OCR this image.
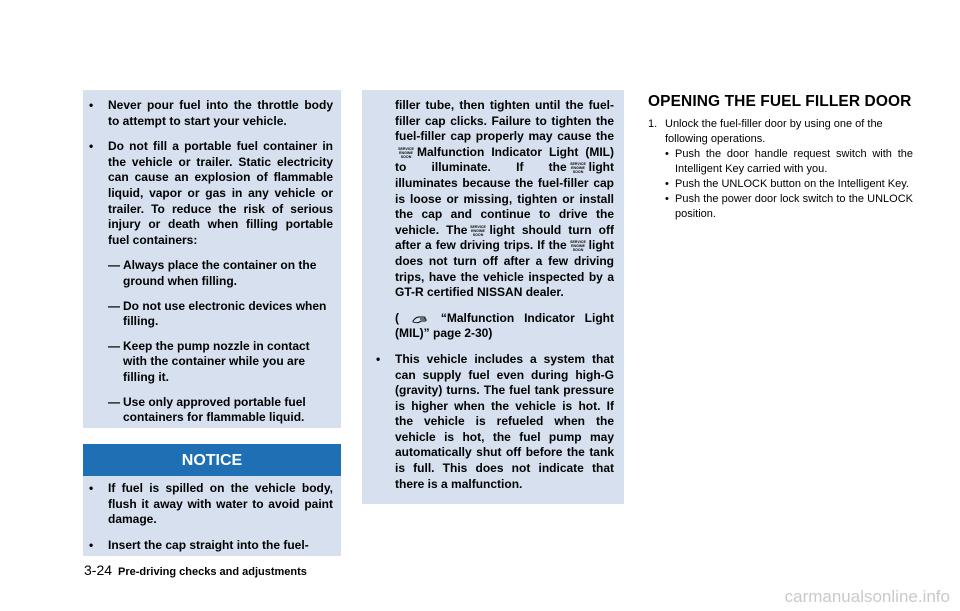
• Never pour fuel into the throttle body to attempt to start your vehicle.

• Do not fill a portable fuel container in the vehicle or trailer. Static electricity can cause an explosion of flammable liquid, vapor or gas in any vehicle or trailer. To reduce the risk of serious injury or death when filling portable fuel containers:

— Always place the container on the ground when filling.

— Do not use electronic devices when filling.

— Keep the pump nozzle in contact with the container while you are filling it.

— Use only approved portable fuel containers for flammable liquid.

NOTICE

• If fuel is spilled on the vehicle body, flush it away with water to avoid paint damage.

• Insert the cap straight into the fuel-

filler tube, then tighten until the fuel-filler cap clicks. Failure to tighten the fuel-filler cap properly may cause theMalfunction Indicator Light (MIL) to illuminate. If the light illuminates because the fuel-filler cap is loose or missing, tighten or install the cap and continue to drive the vehicle. The light should turn off after a few driving trips. If the light does not turn off after a few driving trips, have the vehicle inspected by a GT-R certified NISSAN dealer.

(	“Malfunction Indicator Light (MIL)” page 2-30)

• This vehicle includes a system that can supply fuel even during high-G (gravity) turns. The fuel tank pressure is higher when the vehicle is hot. If the vehicle is refueled when the vehicle is hot, the fuel pump may automatically shut off before the tank is full. This does not indicate that there is a malfunction.

OPENING THE FUEL FILLER DOOR

1. Unlock the fuel-filler door by using one of the following operations.

• Push the door handle request switch with the Intelligent Key carried with you.

• Push the UNLOCK button on the Intelligent Key.

• Push the power door lock switch to the UNLOCK position.

3-24 Pre-driving checks and adjustments
carmanualsonline.info
